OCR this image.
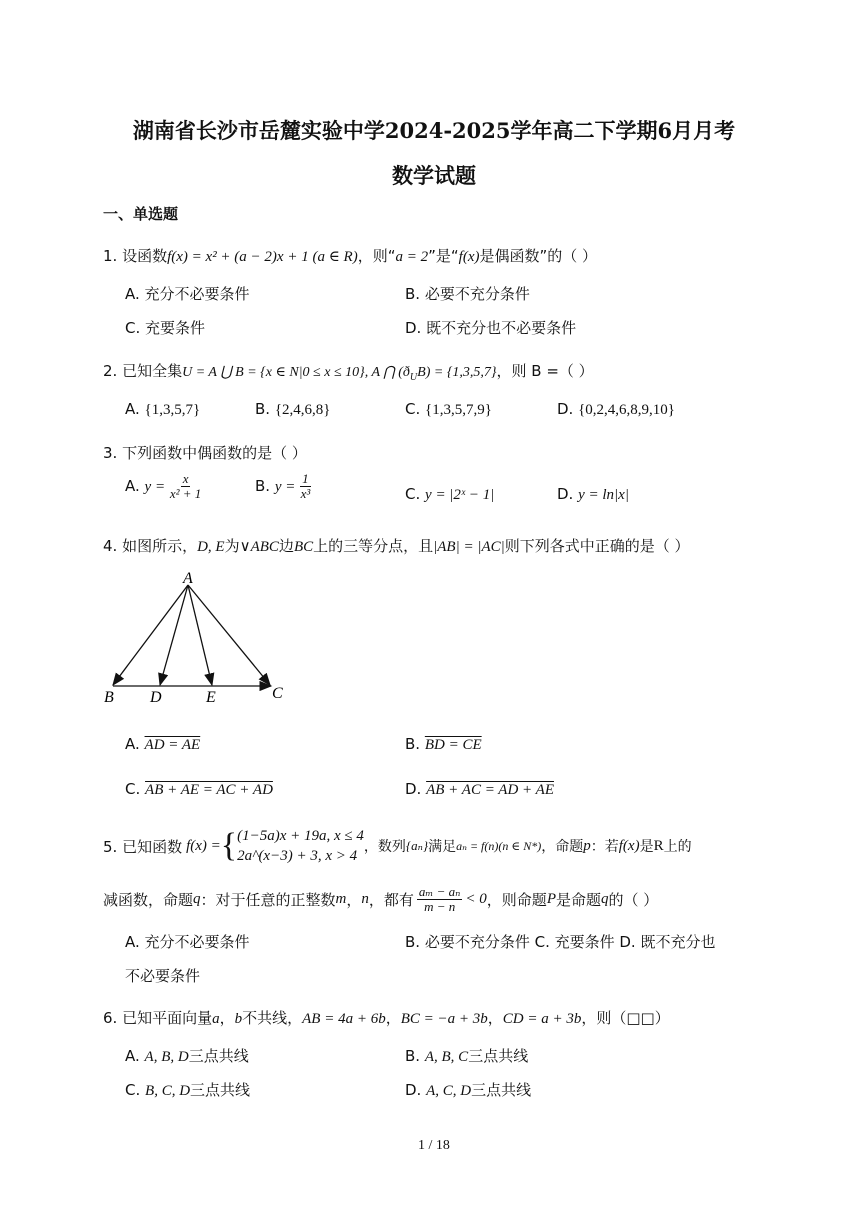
湖南省长沙市岳麓实验中学2024-2025学年高二下学期6月月考
数学试题
一、单选题
1. 设函数f(x) = x² + (a − 2)x + 1 (a ∈ R)，则“a = 2”是“f(x)是偶函数”的（ ）
A. 充分不必要条件	B. 必要不充分条件
C. 充要条件	D. 既不充分也不必要条件
2. 已知全集U = A ⋃ B = {x ∈ N|0 ≤ x ≤ 10}, A ⋂ $(ð_UB) = \{1,3,5,7\}$，则 B =（ ）
A. {1,3,5,7}	B. {2,4,6,8}	C. {1,3,5,7,9}	D. {0,2,4,6,8,9,10}
3. 下列函数中偶函数的是（ ）
A. $y = \frac{x}{\text{x² + 1}}$	B. $y = \frac{1}{\text{x³}}$	C. y = |2ˣ − 1|	D. y = ln|x|
4. 如图所示，D, E为∨ABC边BC上的三等分点，且|AB| = |AC|则下列各式中正确的是（ ）
A
B D	E	C
A. AD = AE	B. BD = CE
C. AB + AE = AC + AD	D. AB + AC = AD + AE
5. 已知函数 f(x) = { (1−5a)x + 19a, x ≤ 4
2a^(x−3) + 3, x > 4
，数列 {aₙ} 满足 aₙ = f(n)(n ∈ N*) ，命题 p ：若 f(x) 是 R 上的
减函数，命题 q ：对于任意的正整数 m ， n ，都有 $\frac{\text{aₘ − aₙ}}{m - n} < 0$ ，则命题 P 是命题 q 的（ ）
A. 充分不必要条件	B. 必要不充分条件 C. 充要条件 D. 既不充分也
不必要条件
6. 已知平面向量a，b不共线，AB = 4a + 6b，BC = −a + 3b，CD = a + 3b，则（□□）
A. A, B, D三点共线	B. A, B, C三点共线
C. B, C, D三点共线	D. A, C, D三点共线
1 / 18
